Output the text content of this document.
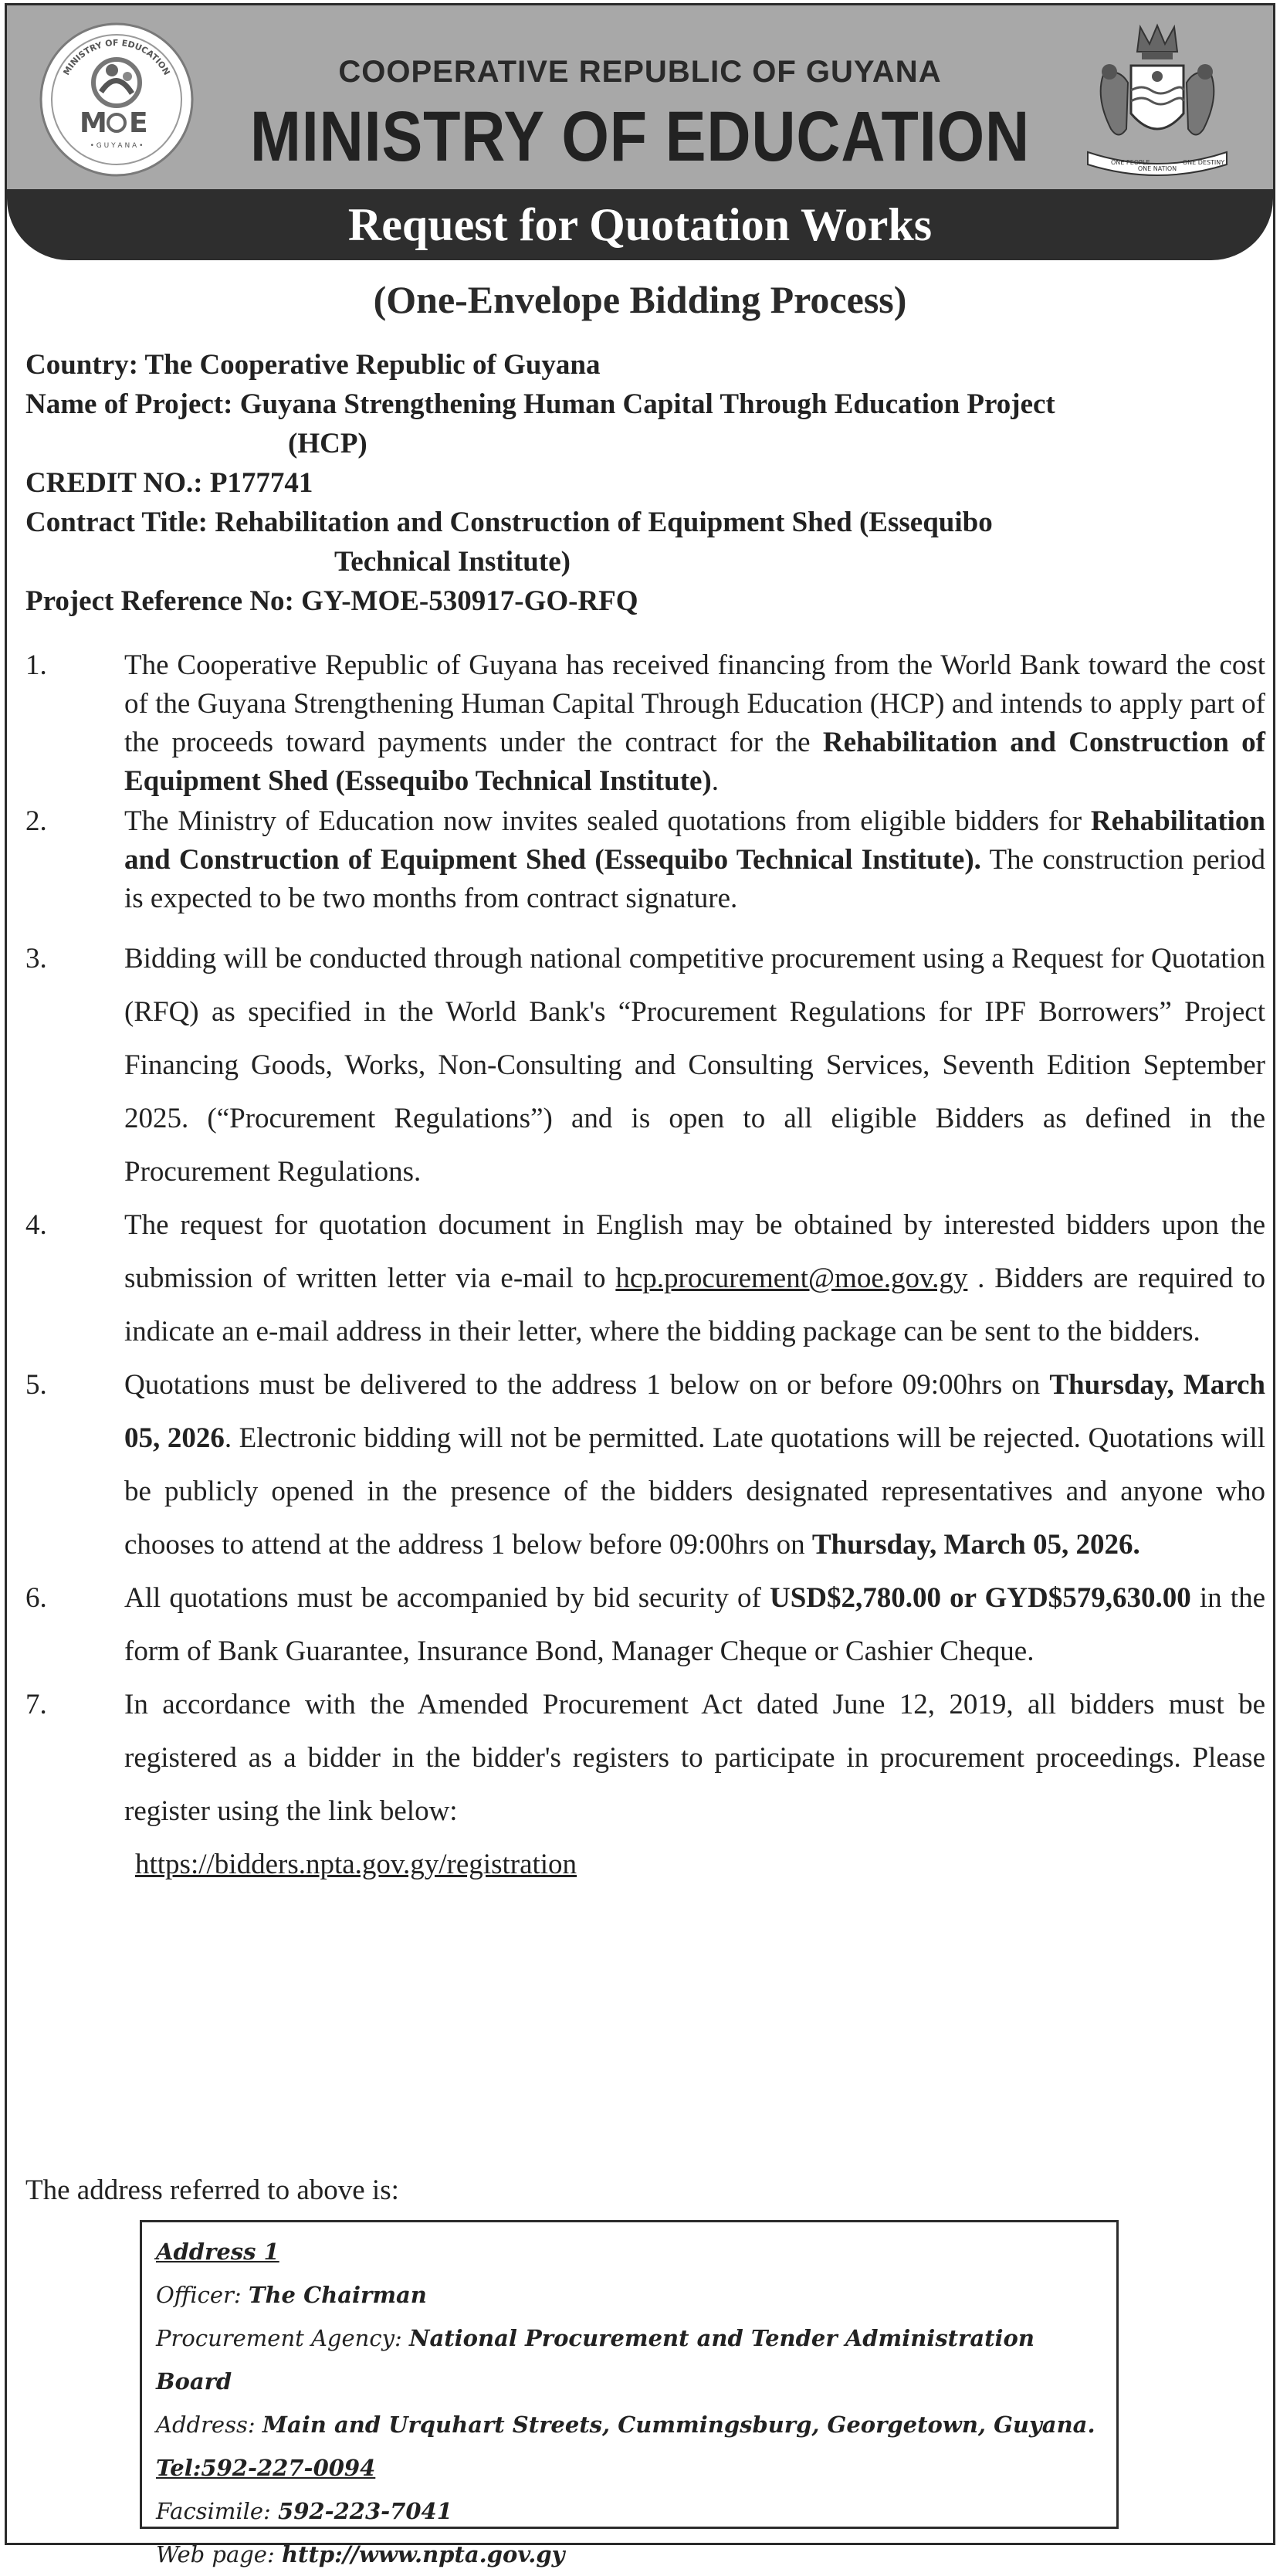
MINISTRY OF EDUCATION
M E
• G U Y A N A •
COOPERATIVE REPUBLIC OF GUYANA
MINISTRY OF EDUCATION	ONE PEOPLE
ONE NATION
ONE DESTINY
Request for Quotation Works
(One-Envelope Bidding Process)
Country: The Cooperative Republic of Guyana
Name of Project: Guyana Strengthening Human Capital Through Education Project
(HCP)
CREDIT NO.: P177741
Contract Title: Rehabilitation and Construction of Equipment Shed (Essequibo
Technical Institute)
Project Reference No: GY-MOE-530917-GO-RFQ
1.	The Cooperative Republic of Guyana has received financing from the World Bank toward the cost of the Guyana Strengthening Human Capital Through Education (HCP) and intends to apply part of the proceeds toward payments under the contract for the Rehabilitation and Construction of Equipment Shed (Essequibo Technical Institute).
2.	The Ministry of Education now invites sealed quotations from eligible bidders for Rehabilitation and Construction of Equipment Shed (Essequibo Technical Institute). The construction period is expected to be two months from contract signature.
3.	Bidding will be conducted through national competitive procurement using a Request for Quotation (RFQ) as specified in the World Bank's “Procurement Regulations for IPF Borrowers” Project Financing Goods, Works, Non-Consulting and Consulting Services, Seventh Edition September 2025. (“Procurement Regulations”) and is open to all eligible Bidders as defined in the Procurement Regulations.
4.	The request for quotation document in English may be obtained by interested bidders upon the submission of written letter via e-mail to hcp.procurement@moe.gov.gy . Bidders are required to indicate an e-mail address in their letter, where the bidding package can be sent to the bidders.
5.	Quotations must be delivered to the address 1 below on or before 09:00hrs on Thursday, March 05, 2026. Electronic bidding will not be permitted. Late quotations will be rejected. Quotations will be publicly opened in the presence of the bidders designated representatives and anyone who chooses to attend at the address 1 below before 09:00hrs on Thursday, March 05, 2026.
6.	All quotations must be accompanied by bid security of USD$2,780.00 or GYD$579,630.00 in the form of Bank Guarantee, Insurance Bond, Manager Cheque or Cashier Cheque.
7.	In accordance with the Amended Procurement Act dated June 12, 2019, all bidders must be registered as a bidder in the bidder's registers to participate in procurement proceedings. Please register using the link below:
https://bidders.npta.gov.gy/registration
The address referred to above is:
Address 1
Officer: The Chairman
Procurement Agency: National Procurement and Tender Administration Board
Address: Main and Urquhart Streets, Cummingsburg, Georgetown, Guyana.
Tel:592-227-0094
Facsimile: 592-223-7041
Web page: http://www.npta.gov.gy
